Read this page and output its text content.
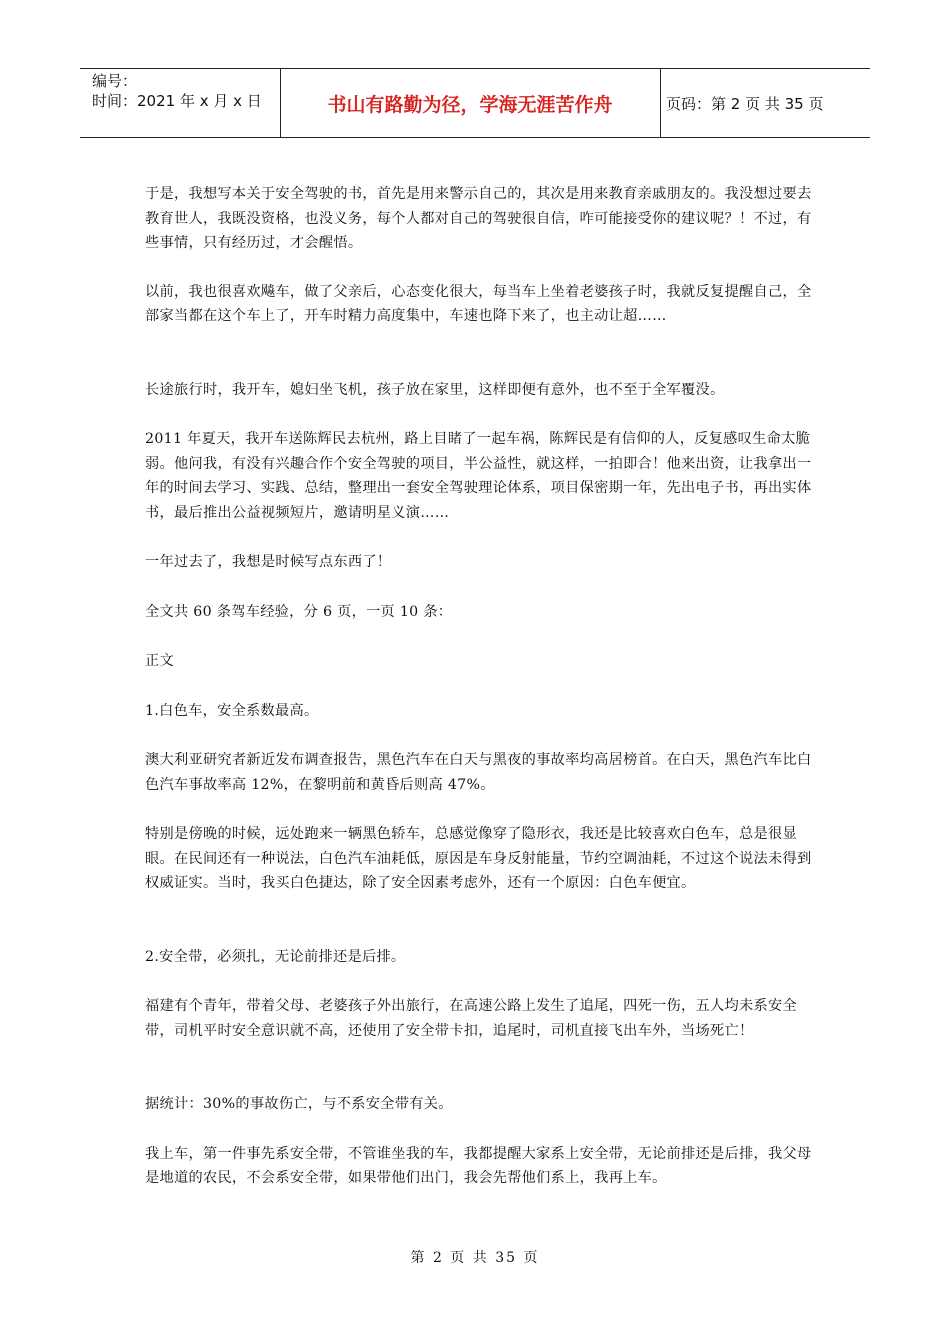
编号：
时间：2021 年 x 月 x 日	书山有路勤为径，学海无涯苦作舟	页码：第 2 页 共 35 页

于是，我想写本关于安全驾驶的书，首先是用来警示自己的，其次是用来教育亲戚朋友的。我没想过要去教育世人，我既没资格，也没义务，每个人都对自己的驾驶很自信，咋可能接受你的建议呢？！不过，有些事情，只有经历过，才会醒悟。

以前，我也很喜欢飚车，做了父亲后，心态变化很大，每当车上坐着老婆孩子时，我就反复提醒自己，全部家当都在这个车上了，开车时精力高度集中，车速也降下来了，也主动让超……

长途旅行时，我开车，媳妇坐飞机，孩子放在家里，这样即便有意外，也不至于全军覆没。

2011 年夏天，我开车送陈辉民去杭州，路上目睹了一起车祸，陈辉民是有信仰的人，反复感叹生命太脆弱。他问我，有没有兴趣合作个安全驾驶的项目，半公益性，就这样，一拍即合！他来出资，让我拿出一年的时间去学习、实践、总结，整理出一套安全驾驶理论体系，项目保密期一年，先出电子书，再出实体书，最后推出公益视频短片，邀请明星义演……

一年过去了，我想是时候写点东西了！

全文共 60 条驾车经验，分 6 页，一页 10 条：

正文

1.白色车，安全系数最高。

澳大利亚研究者新近发布调查报告，黑色汽车在白天与黑夜的事故率均高居榜首。在白天，黑色汽车比白色汽车事故率高 12%，在黎明前和黄昏后则高 47%。

特别是傍晚的时候，远处跑来一辆黑色轿车，总感觉像穿了隐形衣，我还是比较喜欢白色车，总是很显眼。在民间还有一种说法，白色汽车油耗低，原因是车身反射能量，节约空调油耗，不过这个说法未得到权威证实。当时，我买白色捷达，除了安全因素考虑外，还有一个原因：白色车便宜。

2.安全带，必须扎，无论前排还是后排。

福建有个青年，带着父母、老婆孩子外出旅行，在高速公路上发生了追尾，四死一伤，五人均未系安全带，司机平时安全意识就不高，还使用了安全带卡扣，追尾时，司机直接飞出车外，当场死亡！

据统计：30%的事故伤亡，与不系安全带有关。

我上车，第一件事先系安全带，不管谁坐我的车，我都提醒大家系上安全带，无论前排还是后排，我父母是地道的农民，不会系安全带，如果带他们出门，我会先帮他们系上，我再上车。

第 2 页 共 35 页
